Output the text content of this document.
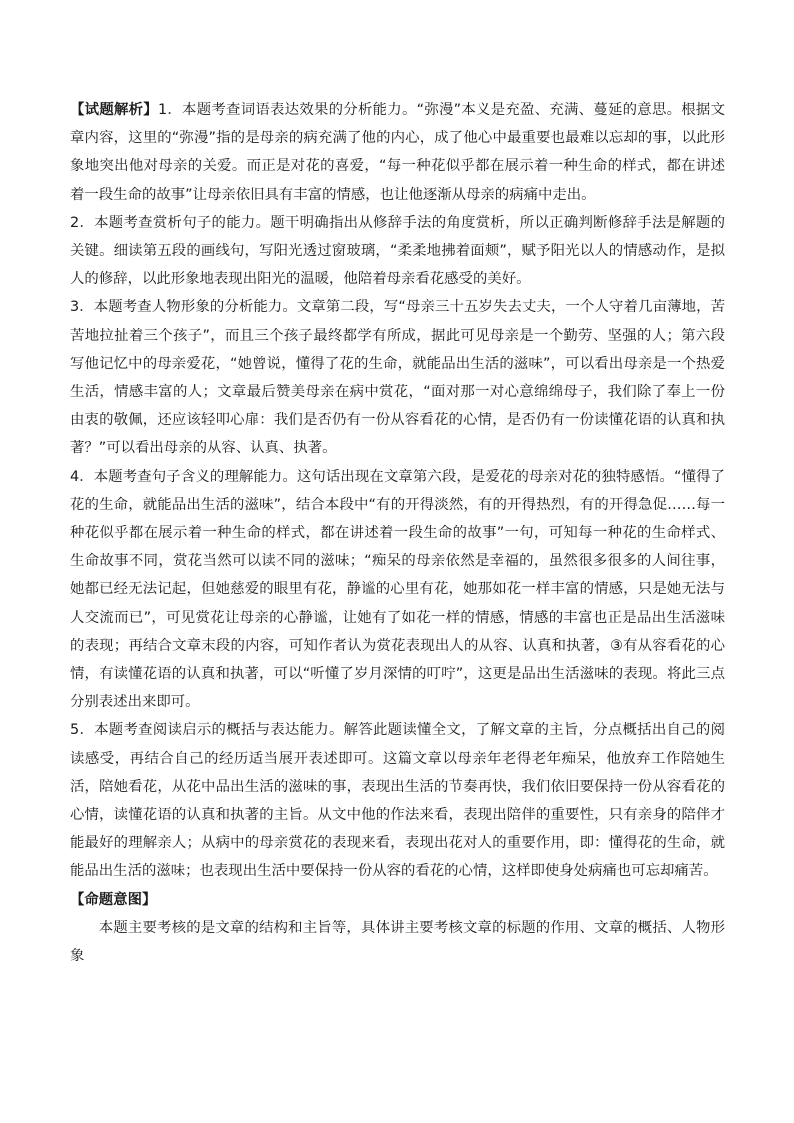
【试题解析】1．本题考查词语表达效果的分析能力。“弥漫”本义是充盈、充满、蔓延的意思。根据文章内容，这里的“弥漫”指的是母亲的病充满了他的内心，成了他心中最重要也最难以忘却的事，以此形象地突出他对母亲的关爱。而正是对花的喜爱，“每一种花似乎都在展示着一种生命的样式，都在讲述着一段生命的故事”让母亲依旧具有丰富的情感，也让他逐渐从母亲的病痛中走出。

2．本题考查赏析句子的能力。题干明确指出从修辞手法的角度赏析，所以正确判断修辞手法是解题的关键。细读第五段的画线句，写阳光透过窗玻璃，“柔柔地拂着面颊”，赋予阳光以人的情感动作，是拟人的修辞，以此形象地表现出阳光的温暖，他陪着母亲看花感受的美好。

3．本题考查人物形象的分析能力。文章第二段，写“母亲三十五岁失去丈夫，一个人守着几亩薄地，苦苦地拉扯着三个孩子”，而且三个孩子最终都学有所成，据此可见母亲是一个勤劳、坚强的人；第六段写他记忆中的母亲爱花，“她曾说，懂得了花的生命，就能品出生活的滋味”，可以看出母亲是一个热爱生活，情感丰富的人；文章最后赞美母亲在病中赏花，“面对那一对心意绵绵母子，我们除了奉上一份由衷的敬佩，还应该轻叩心扉：我们是否仍有一份从容看花的心情，是否仍有一份读懂花语的认真和执著？”可以看出母亲的从容、认真、执著。

4．本题考查句子含义的理解能力。这句话出现在文章第六段，是爱花的母亲对花的独特感悟。“懂得了花的生命，就能品出生活的滋味”，结合本段中“有的开得淡然，有的开得热烈，有的开得急促……每一种花似乎都在展示着一种生命的样式，都在讲述着一段生命的故事”一句，可知每一种花的生命样式、生命故事不同，赏花当然可以读不同的滋味；“痴呆的母亲依然是幸福的，虽然很多很多的人间往事，她都已经无法记起，但她慈爱的眼里有花，静谧的心里有花，她那如花一样丰富的情感，只是她无法与人交流而已”，可见赏花让母亲的心静谧，让她有了如花一样的情感，情感的丰富也正是品出生活滋味的表现；再结合文章末段的内容，可知作者认为赏花表现出人的从容、认真和执著，③有从容看花的心情，有读懂花语的认真和执著，可以“听懂了岁月深情的叮咛”，这更是品出生活滋味的表现。将此三点分别表述出来即可。

5．本题考查阅读启示的概括与表达能力。解答此题读懂全文，了解文章的主旨，分点概括出自己的阅读感受，再结合自己的经历适当展开表述即可。这篇文章以母亲年老得老年痴呆，他放弃工作陪她生活，陪她看花，从花中品出生活的滋味的事，表现出生活的节奏再快，我们依旧要保持一份从容看花的心情，读懂花语的认真和执著的主旨。从文中他的作法来看，表现出陪伴的重要性，只有亲身的陪伴才能最好的理解亲人；从病中的母亲赏花的表现来看，表现出花对人的重要作用，即：懂得花的生命，就能品出生活的滋味；也表现出生活中要保持一份从容的看花的心情，这样即使身处病痛也可忘却痛苦。

【命题意图】

本题主要考核的是文章的结构和主旨等，具体讲主要考核文章的标题的作用、文章的概括、人物形象
